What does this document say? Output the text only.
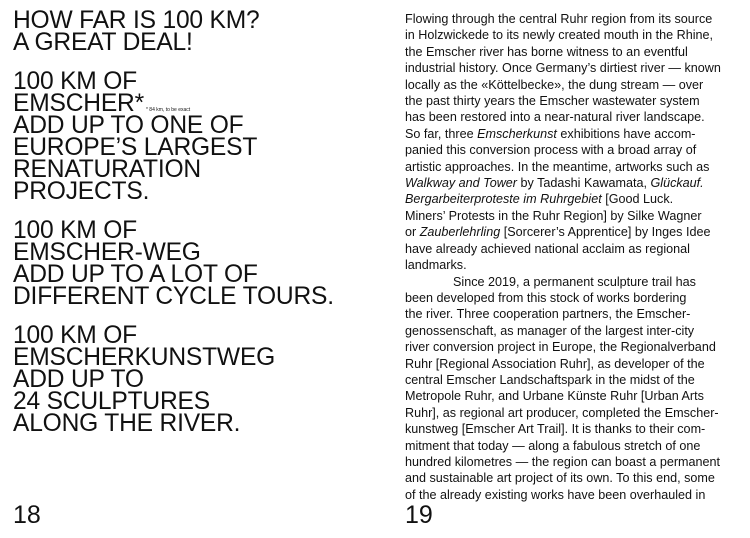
HOW FAR IS 100 KM?
A GREAT DEAL!
100 KM OF
EMSCHER* $^{* 84 km, to be exact}$
ADD UP TO ONE OF
EUROPE’S LARGEST
RENATURATION
PROJECTS.
100 KM OF
EMSCHER-WEG
ADD UP TO A LOT OF
DIFFERENT CYCLE TOURS.
100 KM OF
EMSCHERKUNSTWEG
ADD UP TO
24 SCULPTURES
ALONG THE RIVER.
18
Flowing through the central Ruhr region from its source
in Holzwickede to its newly created mouth in the Rhine,
the Emscher river has borne witness to an eventful
industrial history. Once Germany’s dirtiest river — known
locally as the «Köttelbecke», the dung stream — over
the past thirty years the Emscher wastewater system
has been restored into a near-natural river landscape.
So far, three Emscherkunst exhibitions have accom-
panied this conversion process with a broad array of
artistic approaches. In the meantime, artworks such as
Walkway and Tower by Tadashi Kawamata, Glückauf.
Bergarbeiterproteste im Ruhrgebiet [Good Luck.
Miners’ Protests in the Ruhr Region] by Silke Wagner
or Zauberlehrling [Sorcerer’s Apprentice] by Inges Idee
have already achieved national acclaim as regional
landmarks.
Since 2019, a permanent sculpture trail has
been developed from this stock of works bordering
the river. Three cooperation partners, the Emscher-
genossenschaft, as manager of the largest inter-city
river conversion project in Europe, the Regionalverband
Ruhr [Regional Association Ruhr], as developer of the
central Emscher Landschaftspark in the midst of the
Metropole Ruhr, and Urbane Künste Ruhr [Urban Arts
Ruhr], as regional art producer, completed the Emscher-
kunstweg [Emscher Art Trail]. It is thanks to their com-
mitment that today — along a fabulous stretch of one
hundred kilometres — the region can boast a permanent
and sustainable art project of its own. To this end, some
of the already existing works have been overhauled in
19
